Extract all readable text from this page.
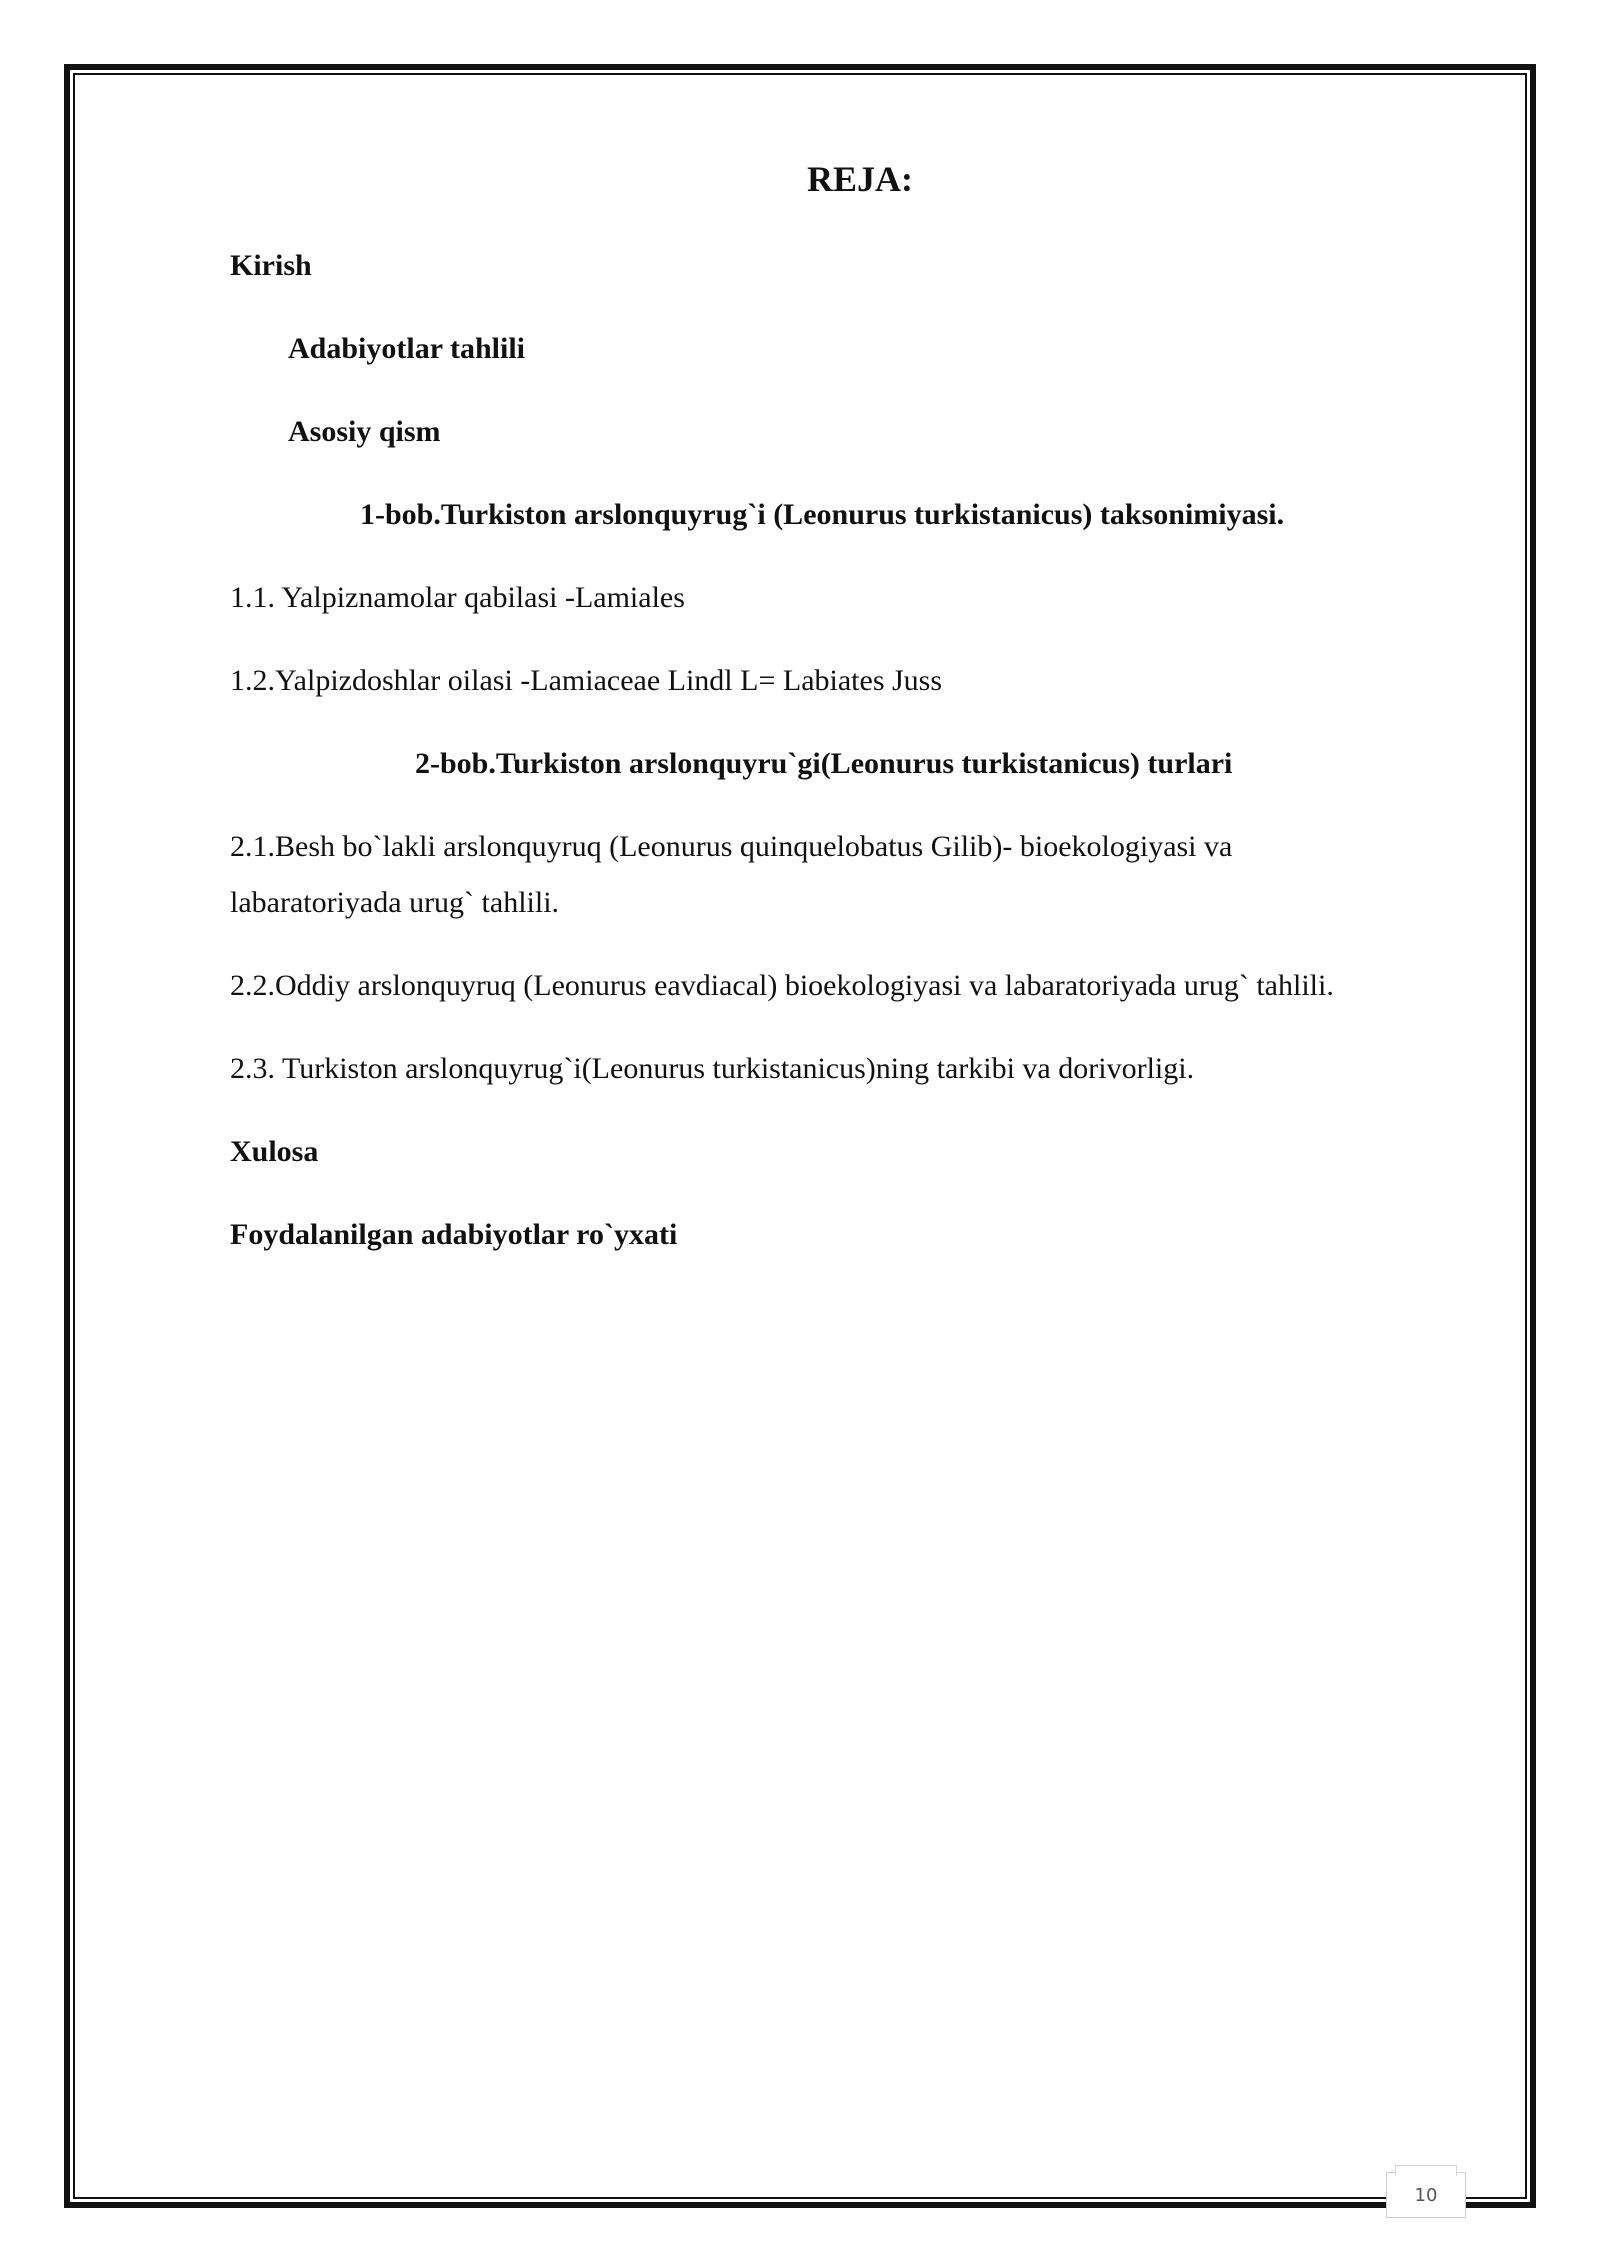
REJA:
Kirish
Adabiyotlar tahlili
Asosiy qism
1-bob.Turkiston arslonquyrug`i (Leonurus turkistanicus) taksonimiyasi.
1.1. Yalpiznamolar qabilasi -Lamiales
1.2.Yalpizdoshlar oilasi -Lamiaceae Lindl L= Labiates Juss
2-bob.Turkiston arslonquyru`gi(Leonurus turkistanicus) turlari
2.1.Besh bo`lakli arslonquyruq (Leonurus quinquelobatus Gilib)- bioekologiyasi va
labaratoriyada urug` tahlili.
2.2.Oddiy arslonquyruq (Leonurus eavdiacal) bioekologiyasi va labaratoriyada urug` tahlili.
2.3. Turkiston arslonquyrug`i(Leonurus turkistanicus)ning tarkibi va dorivorligi.
Xulosa
Foydalanilgan adabiyotlar ro`yxati
10
